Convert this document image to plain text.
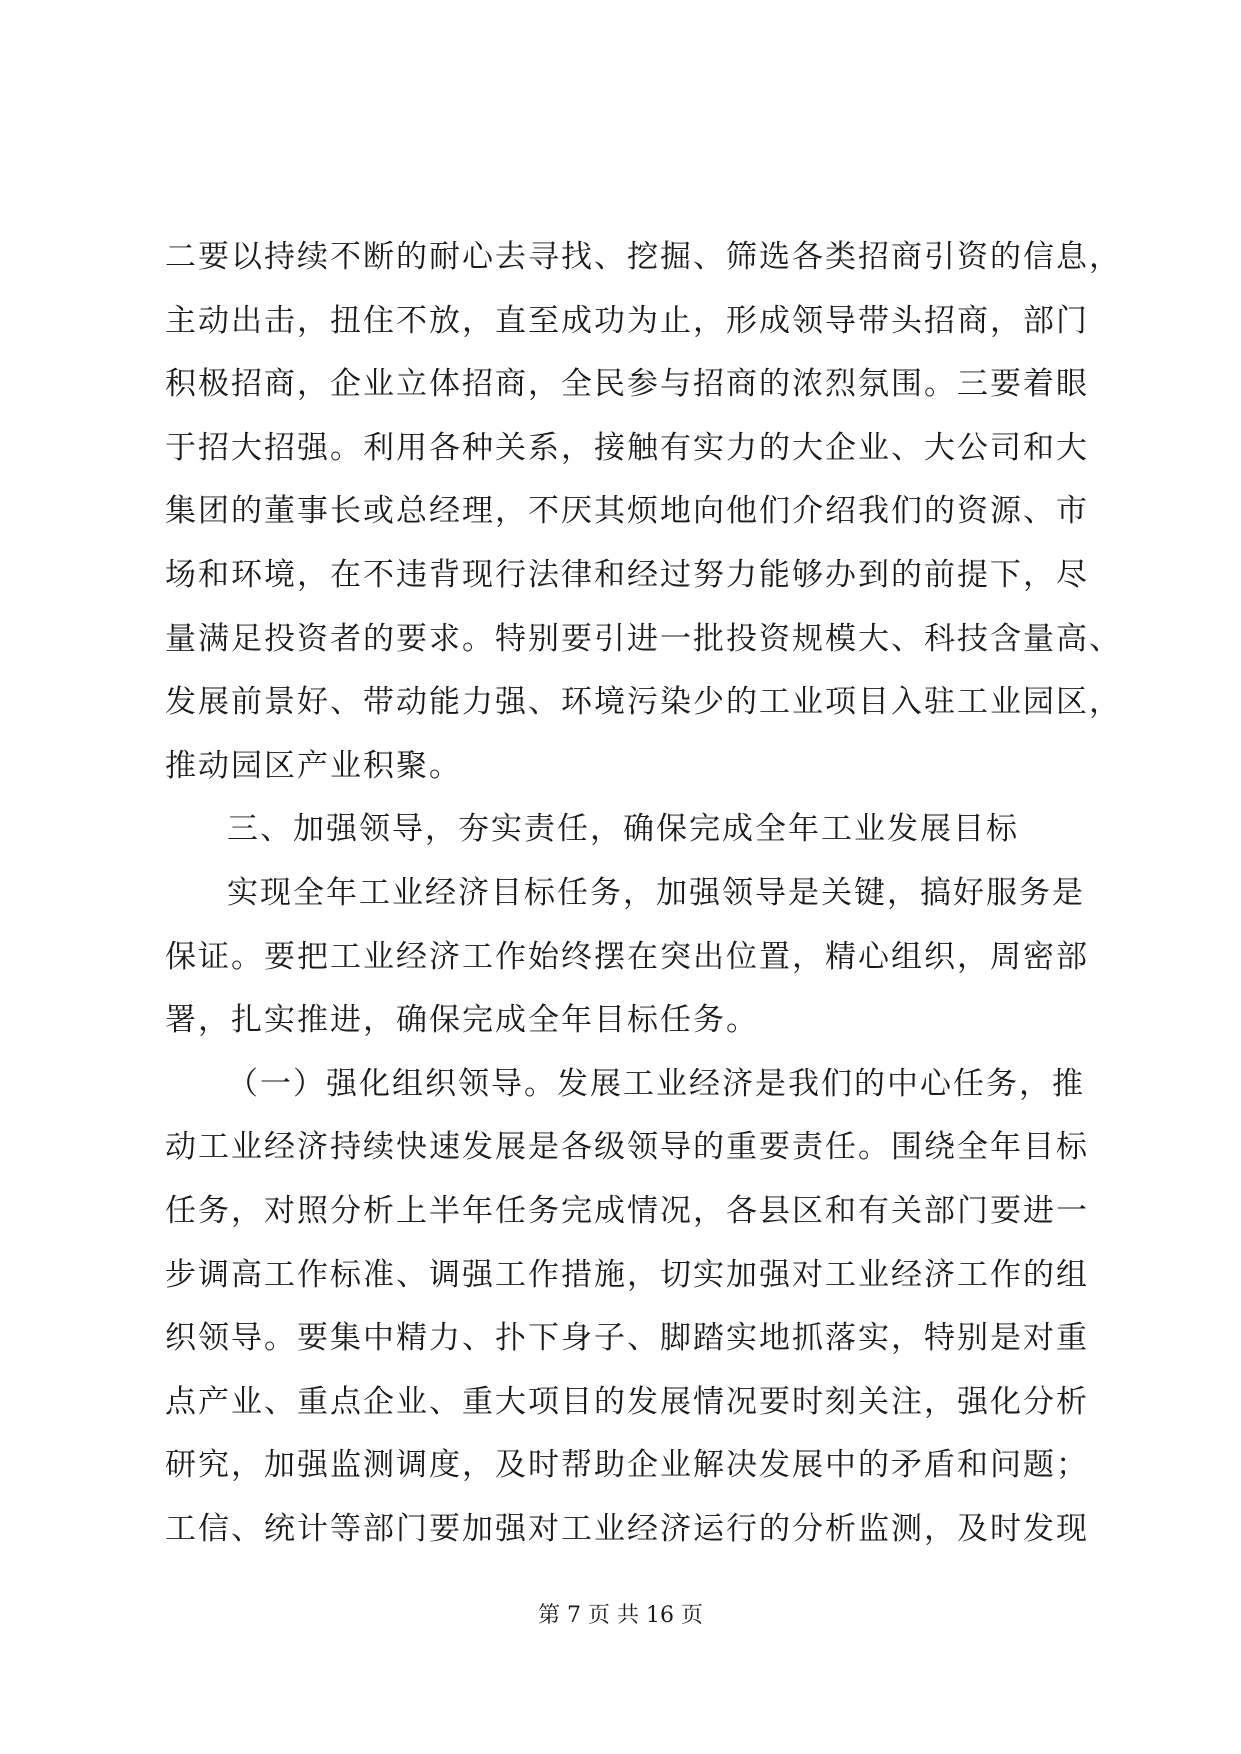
二要以持续不断的耐心去寻找、挖掘、筛选各类招商引资的信息，
主动出击，扭住不放，直至成功为止，形成领导带头招商，部门
积极招商，企业立体招商，全民参与招商的浓烈氛围。三要着眼
于招大招强。利用各种关系，接触有实力的大企业、大公司和大
集团的董事长或总经理，不厌其烦地向他们介绍我们的资源、市
场和环境，在不违背现行法律和经过努力能够办到的前提下，尽
量满足投资者的要求。特别要引进一批投资规模大、科技含量高、
发展前景好、带动能力强、环境污染少的工业项目入驻工业园区，
推动园区产业积聚。
三、加强领导，夯实责任，确保完成全年工业发展目标
实现全年工业经济目标任务，加强领导是关键，搞好服务是
保证。要把工业经济工作始终摆在突出位置，精心组织，周密部
署，扎实推进，确保完成全年目标任务。
（一）强化组织领导。发展工业经济是我们的中心任务，推
动工业经济持续快速发展是各级领导的重要责任。围绕全年目标
任务，对照分析上半年任务完成情况，各县区和有关部门要进一
步调高工作标准、调强工作措施，切实加强对工业经济工作的组
织领导。要集中精力、扑下身子、脚踏实地抓落实，特别是对重
点产业、重点企业、重大项目的发展情况要时刻关注，强化分析
研究，加强监测调度，及时帮助企业解决发展中的矛盾和问题；
工信、统计等部门要加强对工业经济运行的分析监测，及时发现
第 7 页 共 16 页
